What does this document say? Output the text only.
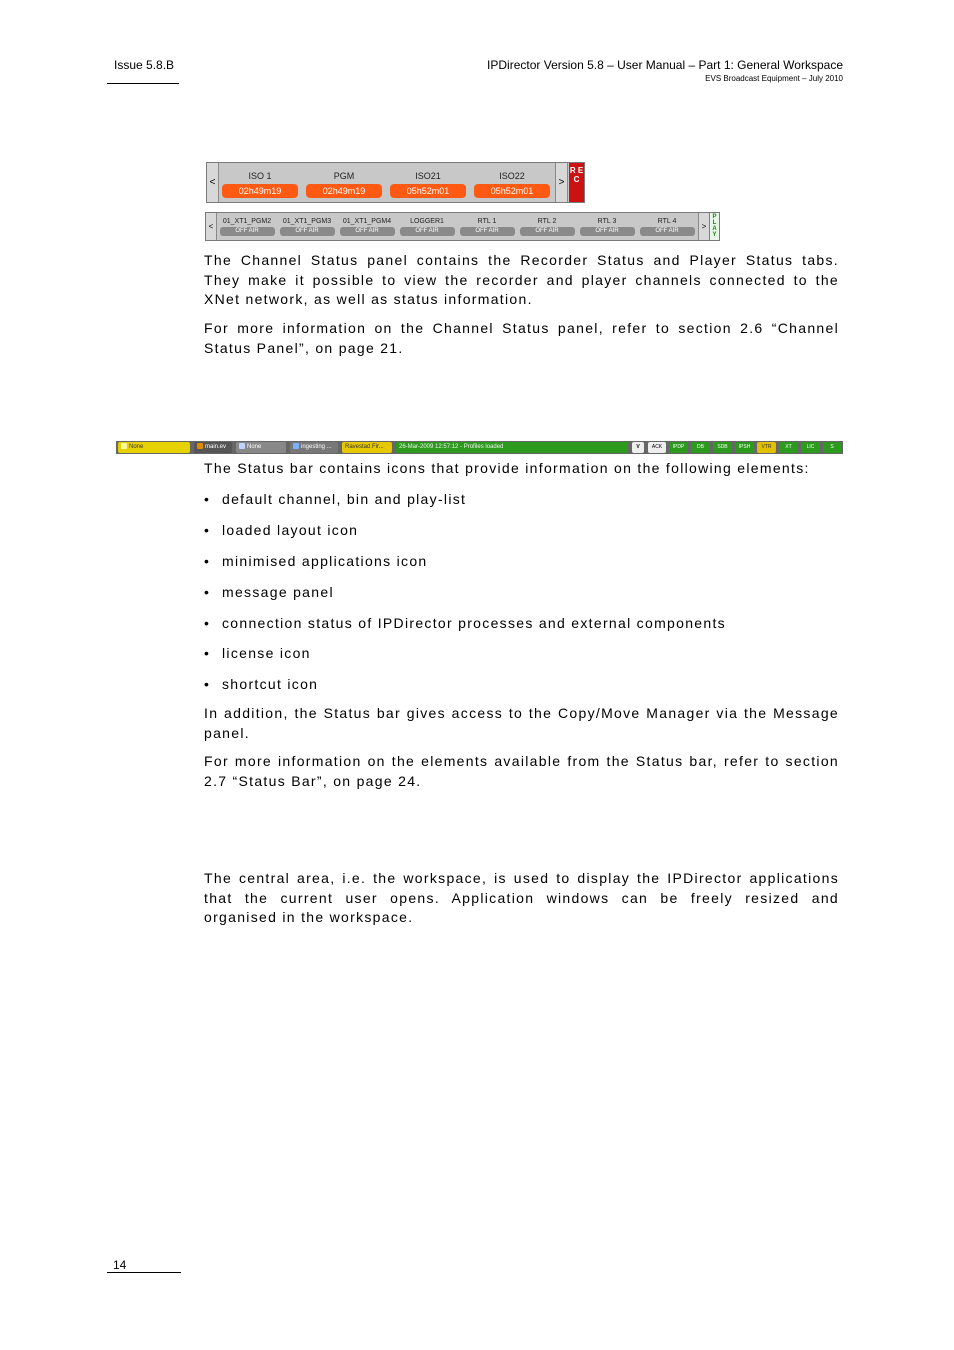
Issue 5.8.B	IPDirector Version 5.8 – User Manual – Part 1: General Workspace
EVS Broadcast Equipment – July 2010
<
ISO 1
02h49m19
PGM
02h49m19
ISO21
05h52m01
ISO22
05h52m01
>
R E C
<
01_XT1_PGM2
OFF AIR
01_XT1_PGM3
OFF AIR
01_XT1_PGM4
OFF AIR
LOGGER1
OFF AIR
RTL 1
OFF AIR
RTL 2
OFF AIR
RTL 3
OFF AIR
RTL 4
OFF AIR	>
P L A Y
The Channel Status panel contains the Recorder Status and Player Status tabs. They make it possible to view the recorder and player channels connected to the XNet network, as well as status information.
For more information on the Channel Status panel, refer to section 2.6 “Channel Status Panel”, on page 21.
None	main.ev	None	ingesting ...	Ravestad Fir...	26-Mar-2009 12:57:12 - Profiles loaded	V	ACK	IPDP	DB	SDB	IPSH	VTR	XT	LIC	S
The Status bar contains icons that provide information on the following elements:
• default channel, bin and play-list
• loaded layout icon
• minimised applications icon
• message panel
• connection status of IPDirector processes and external components
• license icon
• shortcut icon
In addition, the Status bar gives access to the Copy/Move Manager via the Message panel.
For more information on the elements available from the Status bar, refer to section 2.7 “Status Bar”, on page 24.
The central area, i.e. the workspace, is used to display the IPDirector applications that the current user opens. Application windows can be freely resized and organised in the workspace.
14
